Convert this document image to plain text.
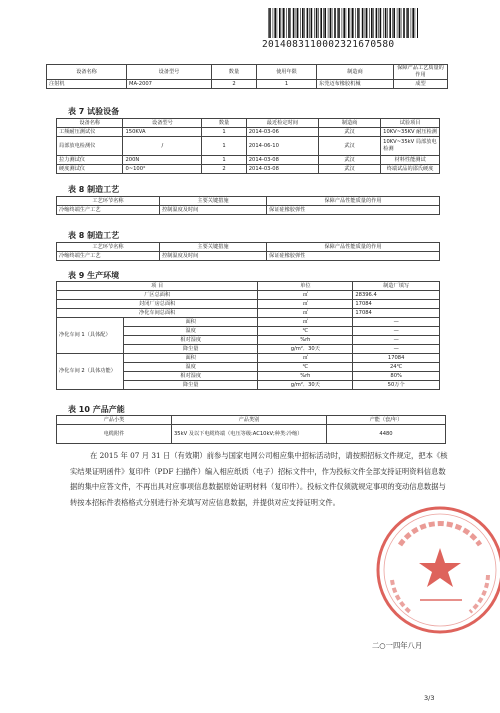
20140831100023216705​80
设备名称	设备型号	数量	使用年限	制造商	保障产品工艺质量的作用
注射机	MA-2007	2	1	东莞迈布橡胶机械	成型
表 7 试验设备
设备名称	设备型号	数量	最近检定时间	制造商	试验项目
工频耐压测试仪	150KVA	1	2014-03-06	武汉	10KV~35KV 耐压检测
局部放电检测仪	/	1	2014-06-10	武汉	10KV~35kV 局部放电检测
拉力测试仪	200N	1	2014-03-08	武汉	材料性能测试
硬度测试仪	0~100°	2	2014-03-08	武汉	终端试品的邵氏硬度
表 8 制造工艺
工艺环节名称	主要关键措施	保障产品性能质量的作用
冷缩终端生产工艺	控制温度及时间	保证硅橡胶弹性
表 8 制造工艺
工艺环节名称	主要关键措施	保障产品性能质量的作用
冷缩终端生产工艺	控制温度及时间	保证硅橡胶弹性
表 9 生产环境
项 目		单位	制造厂填写
厂区总面积		㎡	28396.4
封闭厂房总面积		㎡	17084
净化车间总面积		㎡	17084
净化车间 1（具体配）	面积	㎡	—
	温度	℃	—
	相对湿度	%rh	—
	降尘量	g/m²．30天	—
净化车间 2（具体功能）	面积	㎡	17084
	温度	℃	24℃
	相对湿度	%rh	80%
	降尘量	g/m²．30天	50万个
表 10 产品产能
产品小类	产品类别	产能（套/年）
电缆附件	35kV 及以下电缆终端（电压等级:AC10kV;种类:冷缩）	4480
在 2015 年 07 月 31 日（有效期）前参与国家电网公司相应集中招标活动时，请按照招标文件规定，把本《核实结果证明函件》复印件（PDF 扫描件）编入相应纸质（电子）招标文件中，作为投标文件全部支持证明资料信息数据的集中应答文件，不再出具对应事项信息数据原始证明材料（复印件）。投标文件仅须就规定事项的变动信息数据与转按本招标件表格格式分别进行补充填写对应信息数据，并提供对应支持证明文件。
二○一四年八月
3/3
